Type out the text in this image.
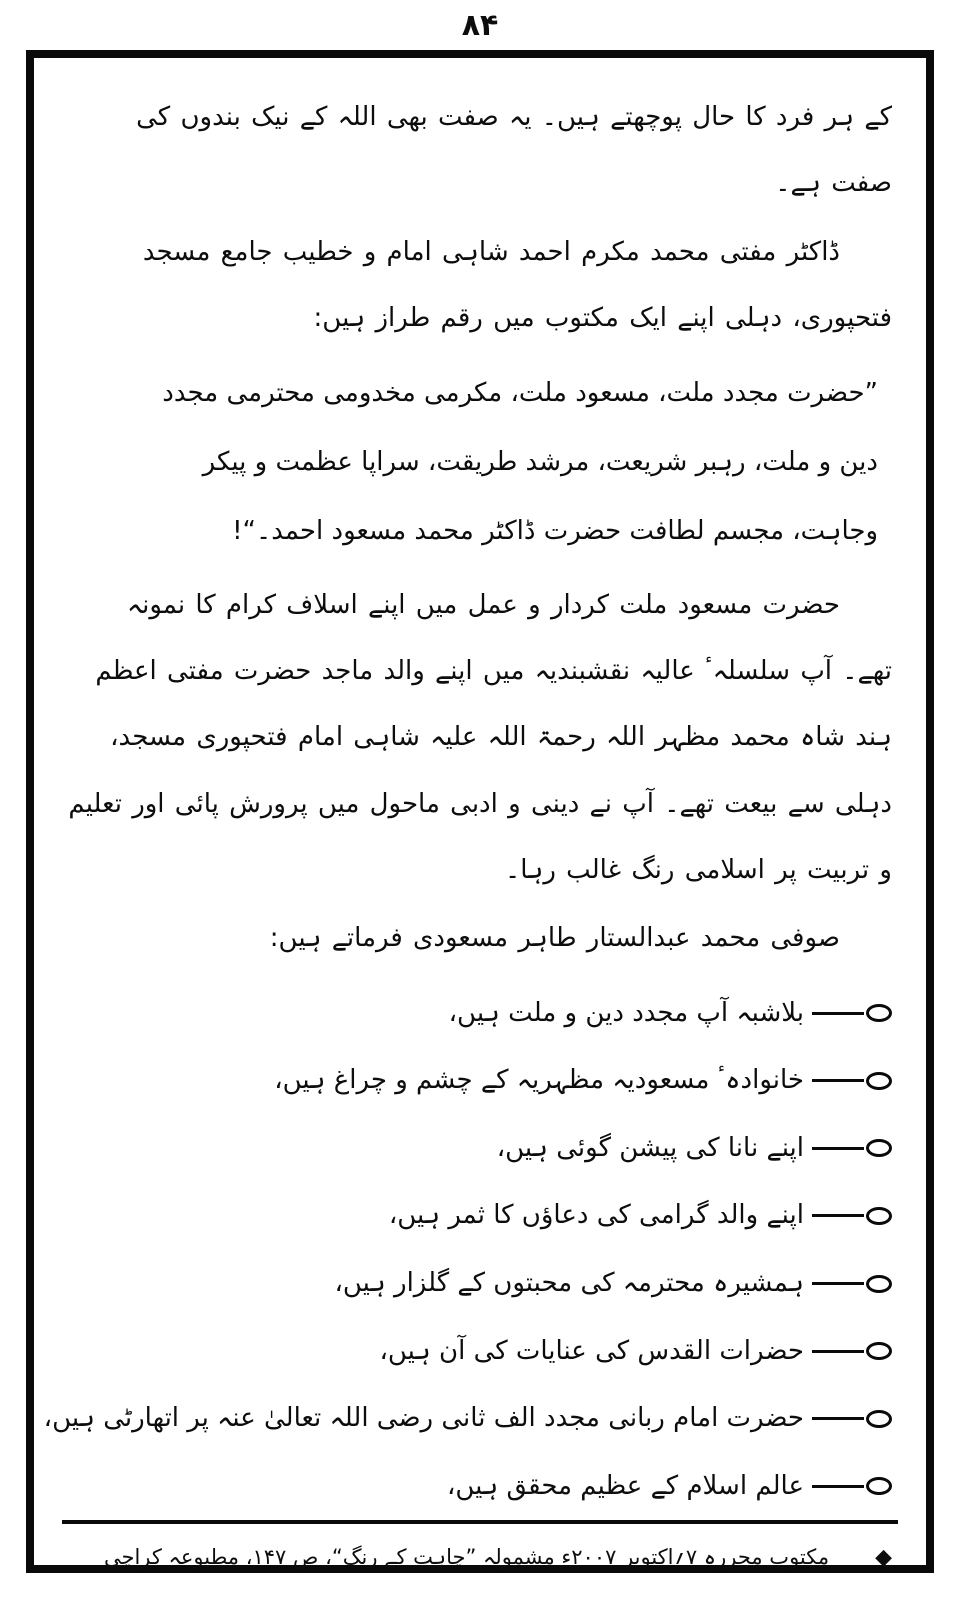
۸۴

کے ہر فرد کا حال پوچھتے ہیں۔ یہ صفت بھی اللہ کے نیک بندوں کی صفت ہے۔

ڈاکٹر مفتی محمد مکرم احمد شاہی امام و خطیب جامع مسجد فتحپوری، دہلی اپنے ایک مکتوب میں رقم طراز ہیں:

”حضرت مجدد ملت، مسعود ملت، مکرمی مخدومی محترمی مجدد دین و ملت، رہبر شریعت، مرشد طریقت، سراپا عظمت و پیکر وجاہت، مجسم لطافت حضرت ڈاکٹر محمد مسعود احمد۔“!

حضرت مسعود ملت کردار و عمل میں اپنے اسلاف کرام کا نمونہ تھے۔ آپ سلسلہٴ عالیہ نقشبندیہ میں اپنے والد ماجد حضرت مفتی اعظم ہند شاہ محمد مظہر اللہ رحمۃ اللہ علیہ شاہی امام فتحپوری مسجد، دہلی سے بیعت تھے۔ آپ نے دینی و ادبی ماحول میں پرورش پائی اور تعلیم و تربیت پر اسلامی رنگ غالب رہا۔

صوفی محمد عبدالستار طاہر مسعودی فرماتے ہیں:

بلاشبہ آپ مجدد دین و ملت ہیں،
خانوادہٴ مسعودیہ مظہریہ کے چشم و چراغ ہیں،
اپنے نانا کی پیشن گوئی ہیں،
اپنے والد گرامی کی دعاؤں کا ثمر ہیں،
ہمشیرہ محترمہ کی محبتوں کے گلزار ہیں،
حضرات القدس کی عنایات کی آن ہیں،
حضرت امام ربانی مجدد الف ثانی رضی اللہ تعالیٰ عنہ پر اتھارٹی ہیں،
عالم اسلام کے عظیم محقق ہیں،
◆
مکتوب محررہ ۷؍اکتوبر ۲۰۰۷ء مشمولہ ”چاہت کے رنگ“، ص ۱۴۷، مطبوعہ کراچی
